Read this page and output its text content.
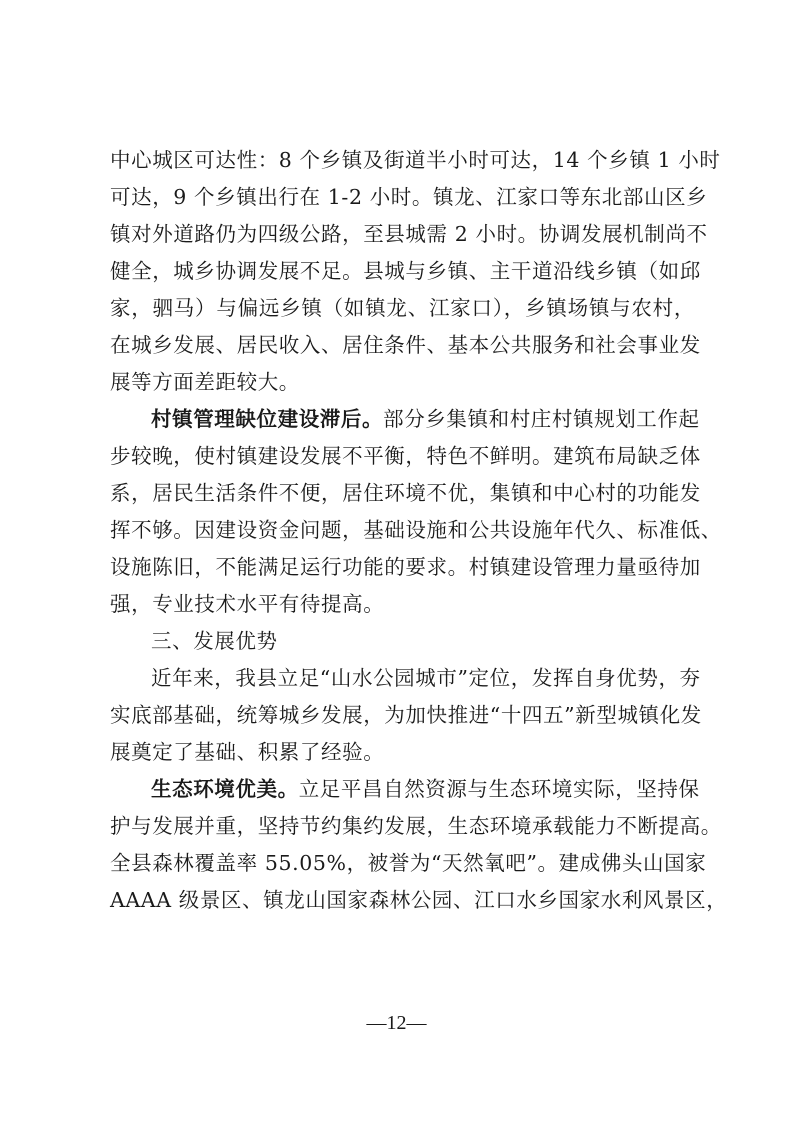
中心城区可达性：8 个乡镇及街道半小时可达，14 个乡镇 1 小时
可达，9 个乡镇出行在 1-2 小时。镇龙、江家口等东北部山区乡
镇对外道路仍为四级公路，至县城需 2 小时。协调发展机制尚不
健全，城乡协调发展不足。县城与乡镇、主干道沿线乡镇（如邱
家，驷马）与偏远乡镇（如镇龙、江家口），乡镇场镇与农村，
在城乡发展、居民收入、居住条件、基本公共服务和社会事业发
展等方面差距较大。
村镇管理缺位建设滞后。部分乡集镇和村庄村镇规划工作起
步较晚，使村镇建设发展不平衡，特色不鲜明。建筑布局缺乏体
系，居民生活条件不便，居住环境不优，集镇和中心村的功能发
挥不够。因建设资金问题，基础设施和公共设施年代久、标准低、
设施陈旧，不能满足运行功能的要求。村镇建设管理力量亟待加
强，专业技术水平有待提高。
三、发展优势
近年来，我县立足“山水公园城市”定位，发挥自身优势，夯
实底部基础，统筹城乡发展，为加快推进“十四五”新型城镇化发
展奠定了基础、积累了经验。
生态环境优美。立足平昌自然资源与生态环境实际，坚持保
护与发展并重，坚持节约集约发展，生态环境承载能力不断提高。
全县森林覆盖率 55.05%，被誉为“天然氧吧”。建成佛头山国家
AAAA 级景区、镇龙山国家森林公园、江口水乡国家水利风景区，
—12—
